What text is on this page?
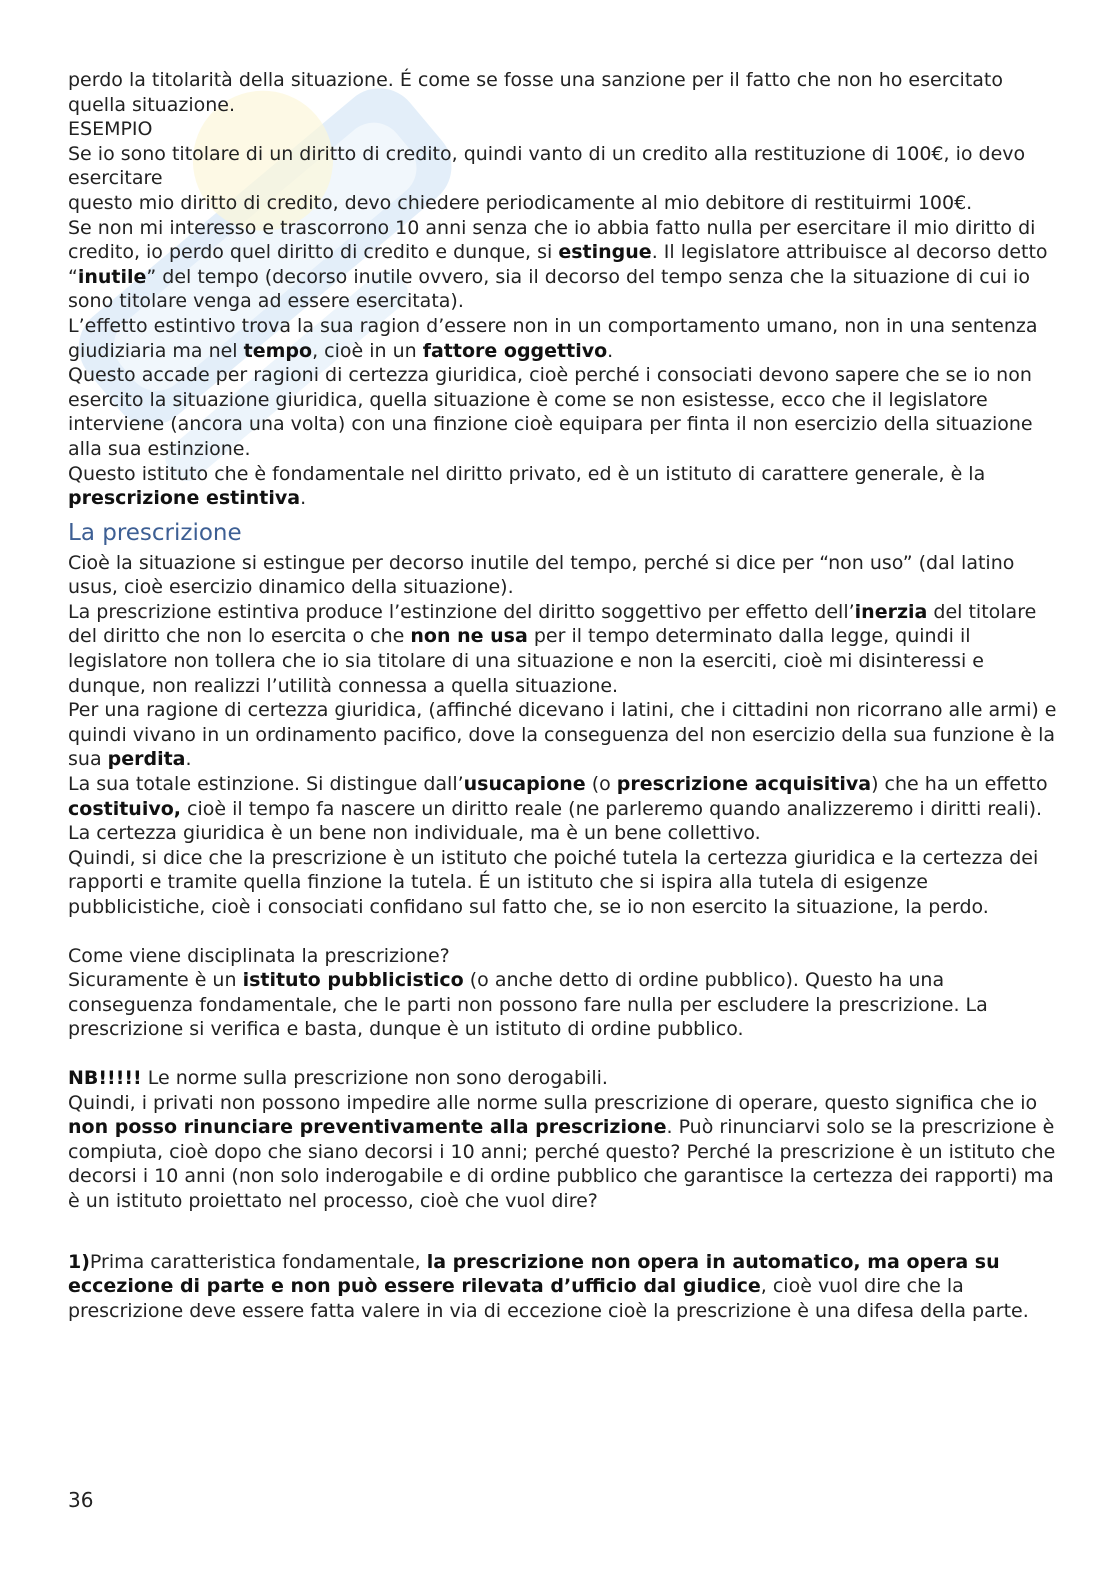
perdo la titolarità della situazione. É come se fosse una sanzione per il fatto che non ho esercitato quella situazione.

ESEMPIO

Se io sono titolare di un diritto di credito, quindi vanto di un credito alla restituzione di 100€, io devo esercitare

questo mio diritto di credito, devo chiedere periodicamente al mio debitore di restituirmi 100€.

Se non mi interesso e trascorrono 10 anni senza che io abbia fatto nulla per esercitare il mio diritto di credito, io perdo quel diritto di credito e dunque, si estingue. Il legislatore attribuisce al decorso detto “inutile” del tempo (decorso inutile ovvero, sia il decorso del tempo senza che la situazione di cui io sono titolare venga ad essere esercitata).

L’effetto estintivo trova la sua ragion d’essere non in un comportamento umano, non in una sentenza giudiziaria ma nel tempo, cioè in un fattore oggettivo.

Questo accade per ragioni di certezza giuridica, cioè perché i consociati devono sapere che se io non esercito la situazione giuridica, quella situazione è come se non esistesse, ecco che il legislatore interviene (ancora una volta) con una finzione cioè equipara per finta il non esercizio della situazione alla sua estinzione.

Questo istituto che è fondamentale nel diritto privato, ed è un istituto di carattere generale, è la prescrizione estintiva.

La prescrizione

Cioè la situazione si estingue per decorso inutile del tempo, perché si dice per “non uso” (dal latino usus, cioè esercizio dinamico della situazione).

La prescrizione estintiva produce l’estinzione del diritto soggettivo per effetto dell’inerzia del titolare del diritto che non lo esercita o che non ne usa per il tempo determinato dalla legge, quindi il legislatore non tollera che io sia titolare di una situazione e non la eserciti, cioè mi disinteressi e dunque, non realizzi l’utilità connessa a quella situazione.

Per una ragione di certezza giuridica, (affinché dicevano i latini, che i cittadini non ricorrano alle armi) e quindi vivano in un ordinamento pacifico, dove la conseguenza del non esercizio della sua funzione è la sua perdita.

La sua totale estinzione. Si distingue dall’usucapione (o prescrizione acquisitiva) che ha un effetto costituivo, cioè il tempo fa nascere un diritto reale (ne parleremo quando analizzeremo i diritti reali).

La certezza giuridica è un bene non individuale, ma è un bene collettivo.

Quindi, si dice che la prescrizione è un istituto che poiché tutela la certezza giuridica e la certezza dei rapporti e tramite quella finzione la tutela. É un istituto che si ispira alla tutela di esigenze pubblicistiche, cioè i consociati confidano sul fatto che, se io non esercito la situazione, la perdo.

Come viene disciplinata la prescrizione?

Sicuramente è un istituto pubblicistico (o anche detto di ordine pubblico). Questo ha una conseguenza fondamentale, che le parti non possono fare nulla per escludere la prescrizione. La prescrizione si verifica e basta, dunque è un istituto di ordine pubblico.

NB!!!!! Le norme sulla prescrizione non sono derogabili.

Quindi, i privati non possono impedire alle norme sulla prescrizione di operare, questo significa che io non posso rinunciare preventivamente alla prescrizione. Può rinunciarvi solo se la prescrizione è compiuta, cioè dopo che siano decorsi i 10 anni; perché questo? Perché la prescrizione è un istituto che decorsi i 10 anni (non solo inderogabile e di ordine pubblico che garantisce la certezza dei rapporti) ma è un istituto proiettato nel processo, cioè che vuol dire?

1)Prima caratteristica fondamentale, la prescrizione non opera in automatico, ma opera su eccezione di parte e non può essere rilevata d’ufficio dal giudice, cioè vuol dire che la prescrizione deve essere fatta valere in via di eccezione cioè la prescrizione è una difesa della parte.

36
